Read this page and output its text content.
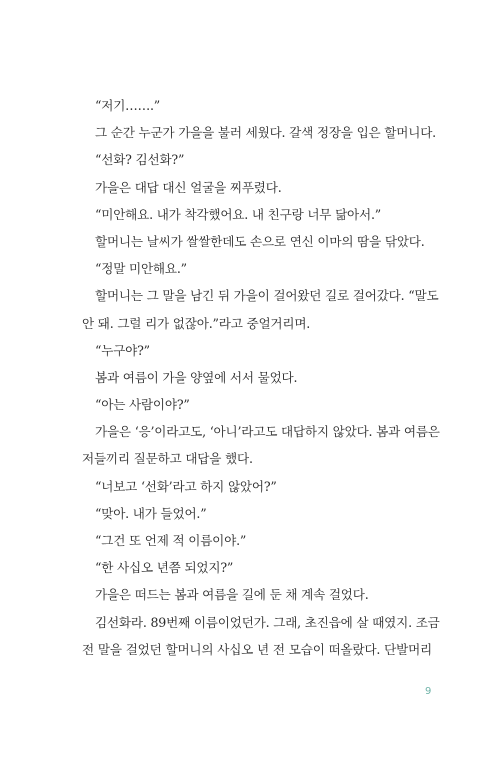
“저기…….”
그 순간 누군가 가을을 불러 세웠다. 갈색 정장을 입은 할머니다.
“선화? 김선화?”
가을은 대답 대신 얼굴을 찌푸렸다.
“미안해요. 내가 착각했어요. 내 친구랑 너무 닮아서.”
할머니는 날씨가 쌀쌀한데도 손으로 연신 이마의 땀을 닦았다.
“정말 미안해요.”
할머니는 그 말을 남긴 뒤 가을이 걸어왔던 길로 걸어갔다. “말도
안 돼. 그럴 리가 없잖아.”라고 중얼거리며.
“누구야?”
봄과 여름이 가을 양옆에 서서 물었다.
“아는 사람이야?”
가을은 ‘응’이라고도, ‘아니’라고도 대답하지 않았다. 봄과 여름은
저들끼리 질문하고 대답을 했다.
“너보고 ‘선화’라고 하지 않았어?”
“맞아. 내가 들었어.”
“그건 또 언제 적 이름이야.”
“한 사십오 년쯤 되었지?”
가을은 떠드는 봄과 여름을 길에 둔 채 계속 걸었다.
김선화라. 89번째 이름이었던가. 그래, 초진읍에 살 때였지. 조금
전 말을 걸었던 할머니의 사십오 년 전 모습이 떠올랐다. 단발머리
9
